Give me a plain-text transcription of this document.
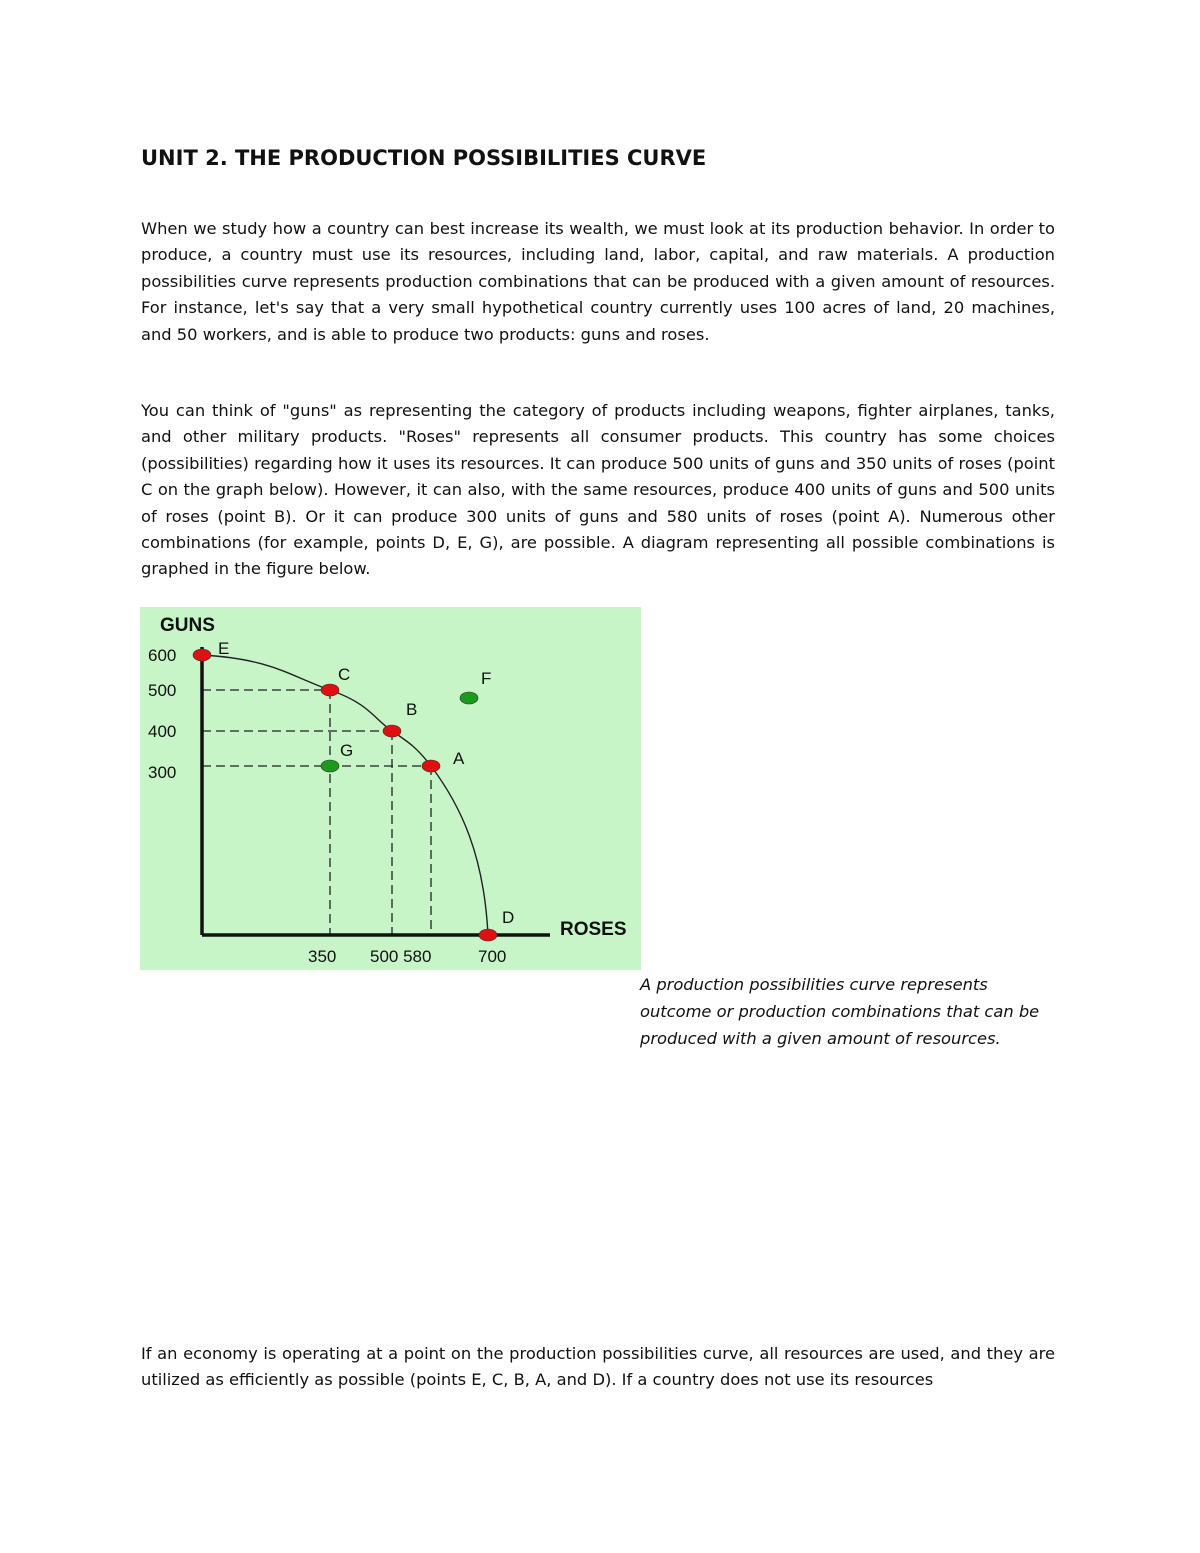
UNIT 2. THE PRODUCTION POSSIBILITIES CURVE

When we study how a country can best increase its wealth, we must look at its production behavior. In order to produce, a country must use its resources, including land, labor, capital, and raw materials. A production possibilities curve represents production combinations that can be produced with a given amount of resources. For instance, let's say that a very small hypothetical country currently uses 100 acres of land, 20 machines, and 50 workers, and is able to produce two products: guns and roses.

You can think of "guns" as representing the category of products including weapons, fighter airplanes, tanks, and other military products. "Roses" represents all consumer products. This country has some choices (possibilities) regarding how it uses its resources. It can produce 500 units of guns and 350 units of roses (point C on the graph below). However, it can also, with the same resources, produce 400 units of guns and 500 units of roses (point B). Or it can produce 300 units of guns and 580 units of roses (point A). Numerous other combinations (for example, points D, E, G), are possible. A diagram representing all possible combinations is graphed in the figure below.

GUNS
ROSES
600
500
400
300
350 500 580	700
E
C
B
A
D
G
F

A production possibilities curve represents outcome or production combinations that can be produced with a given amount of resources.

If an economy is operating at a point on the production possibilities curve, all resources are used, and they are utilized as efficiently as possible (points E, C, B, A, and D). If a country does not use its resources
